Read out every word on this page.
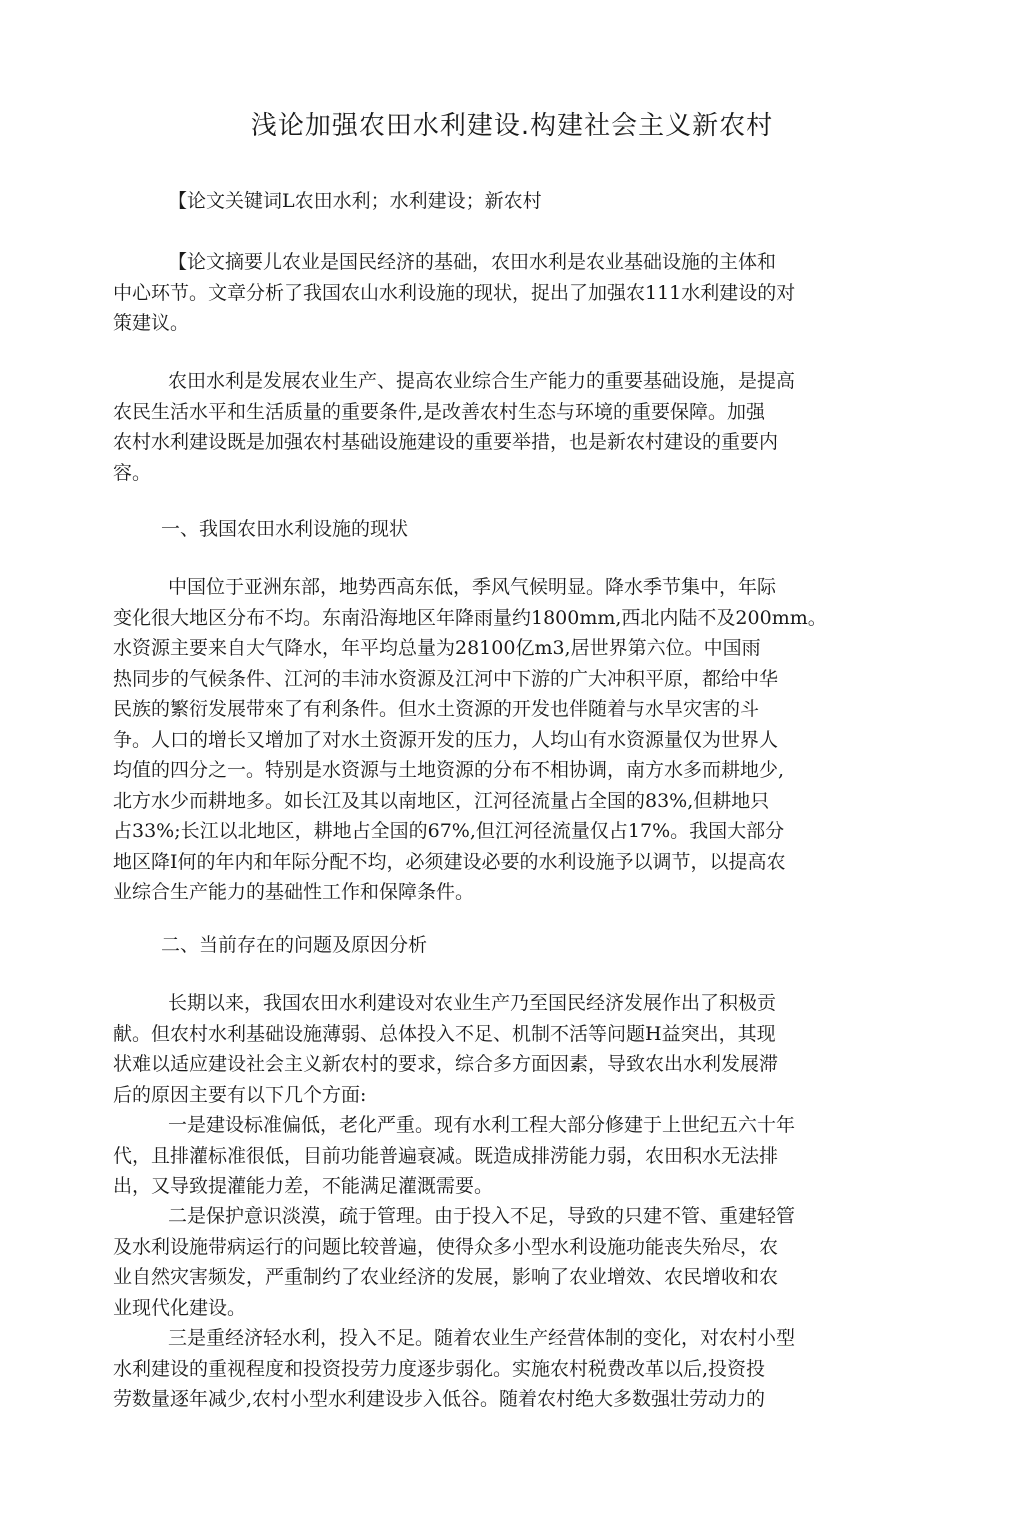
浅论加强农田水利建设.构建社会主义新农村

【论文关键词L农田水利；水利建设；新农村

【论文摘要儿农业是国民经济的基础，农田水利是农业基础设施的主体和
中心环节。文章分析了我国农山水利设施的现状，捉出了加强农111水利建设的对
策建议。

农田水利是发展农业生产、提高农业综合生产能力的重要基础设施，是提高
农民生活水平和生活质量的重要条件,是改善农村生态与环境的重要保障。加强
农村水利建设既是加强农村基础设施建设的重要举措，也是新农村建设的重要内
容。

一、我国农田水利设施的现状

中国位于亚洲东部，地势西高东低，季风气候明显。降水季节集中，年际
变化很大地区分布不均。东南沿海地区年降雨量约1800mm,西北内陆不及200mm。
水资源主要来自大气降水，年平均总量为28100亿m3,居世界第六位。中国雨
热同步的气候条件、江河的丰沛水资源及江河中下游的广大冲积平原，都给中华
民族的繁衍发展带來了有利条件。但水土资源的开发也伴随着与水旱灾害的斗
争。人口的增长又增加了对水土资源开发的压力，人均山有水资源量仅为世界人
均值的四分之一。特别是水资源与土地资源的分布不相协调，南方水多而耕地少,
北方水少而耕地多。如长江及其以南地区，江河径流量占全国的83%,但耕地只
占33%;长江以北地区，耕地占全国的67%,但江河径流量仅占17%。我国大部分
地区降I何的年内和年际分配不均，必须建设必要的水利设施予以调节，以提高农
业综合生产能力的基础性工作和保障条件。

二、当前存在的问题及原因分析

长期以来，我国农田水利建设对农业生产乃至国民经济发展作出了积极贡
献。但农村水利基础设施薄弱、总体投入不足、机制不活等问题H益突出，其现
状难以适应建设社会主义新农村的要求，综合多方面因素，导致农出水利发展滞
后的原因主要有以下几个方面:

一是建设标准偏低，老化严重。现有水利工程大部分修建于上世纪五六十年
代，且排灌标准很低，目前功能普遍衰减。既造成排涝能力弱，农田积水无法排
出，又导致提灌能力差，不能满足灌溉需要。

二是保护意识淡漠，疏于管理。由于投入不足，导致的只建不管、重建轻管
及水利设施带病运行的问题比较普遍，使得众多小型水利设施功能丧失殆尽，农
业自然灾害频发，严重制约了农业经济的发展，影响了农业增效、农民增收和农
业现代化建设。

三是重经济轻水利，投入不足。随着农业生产经营体制的变化，对农村小型
水利建设的重视程度和投资投劳力度逐步弱化。实施农村税费改革以后,投资投
劳数量逐年减少,农村小型水利建设步入低谷。随着农村绝大多数强壮劳动力的
